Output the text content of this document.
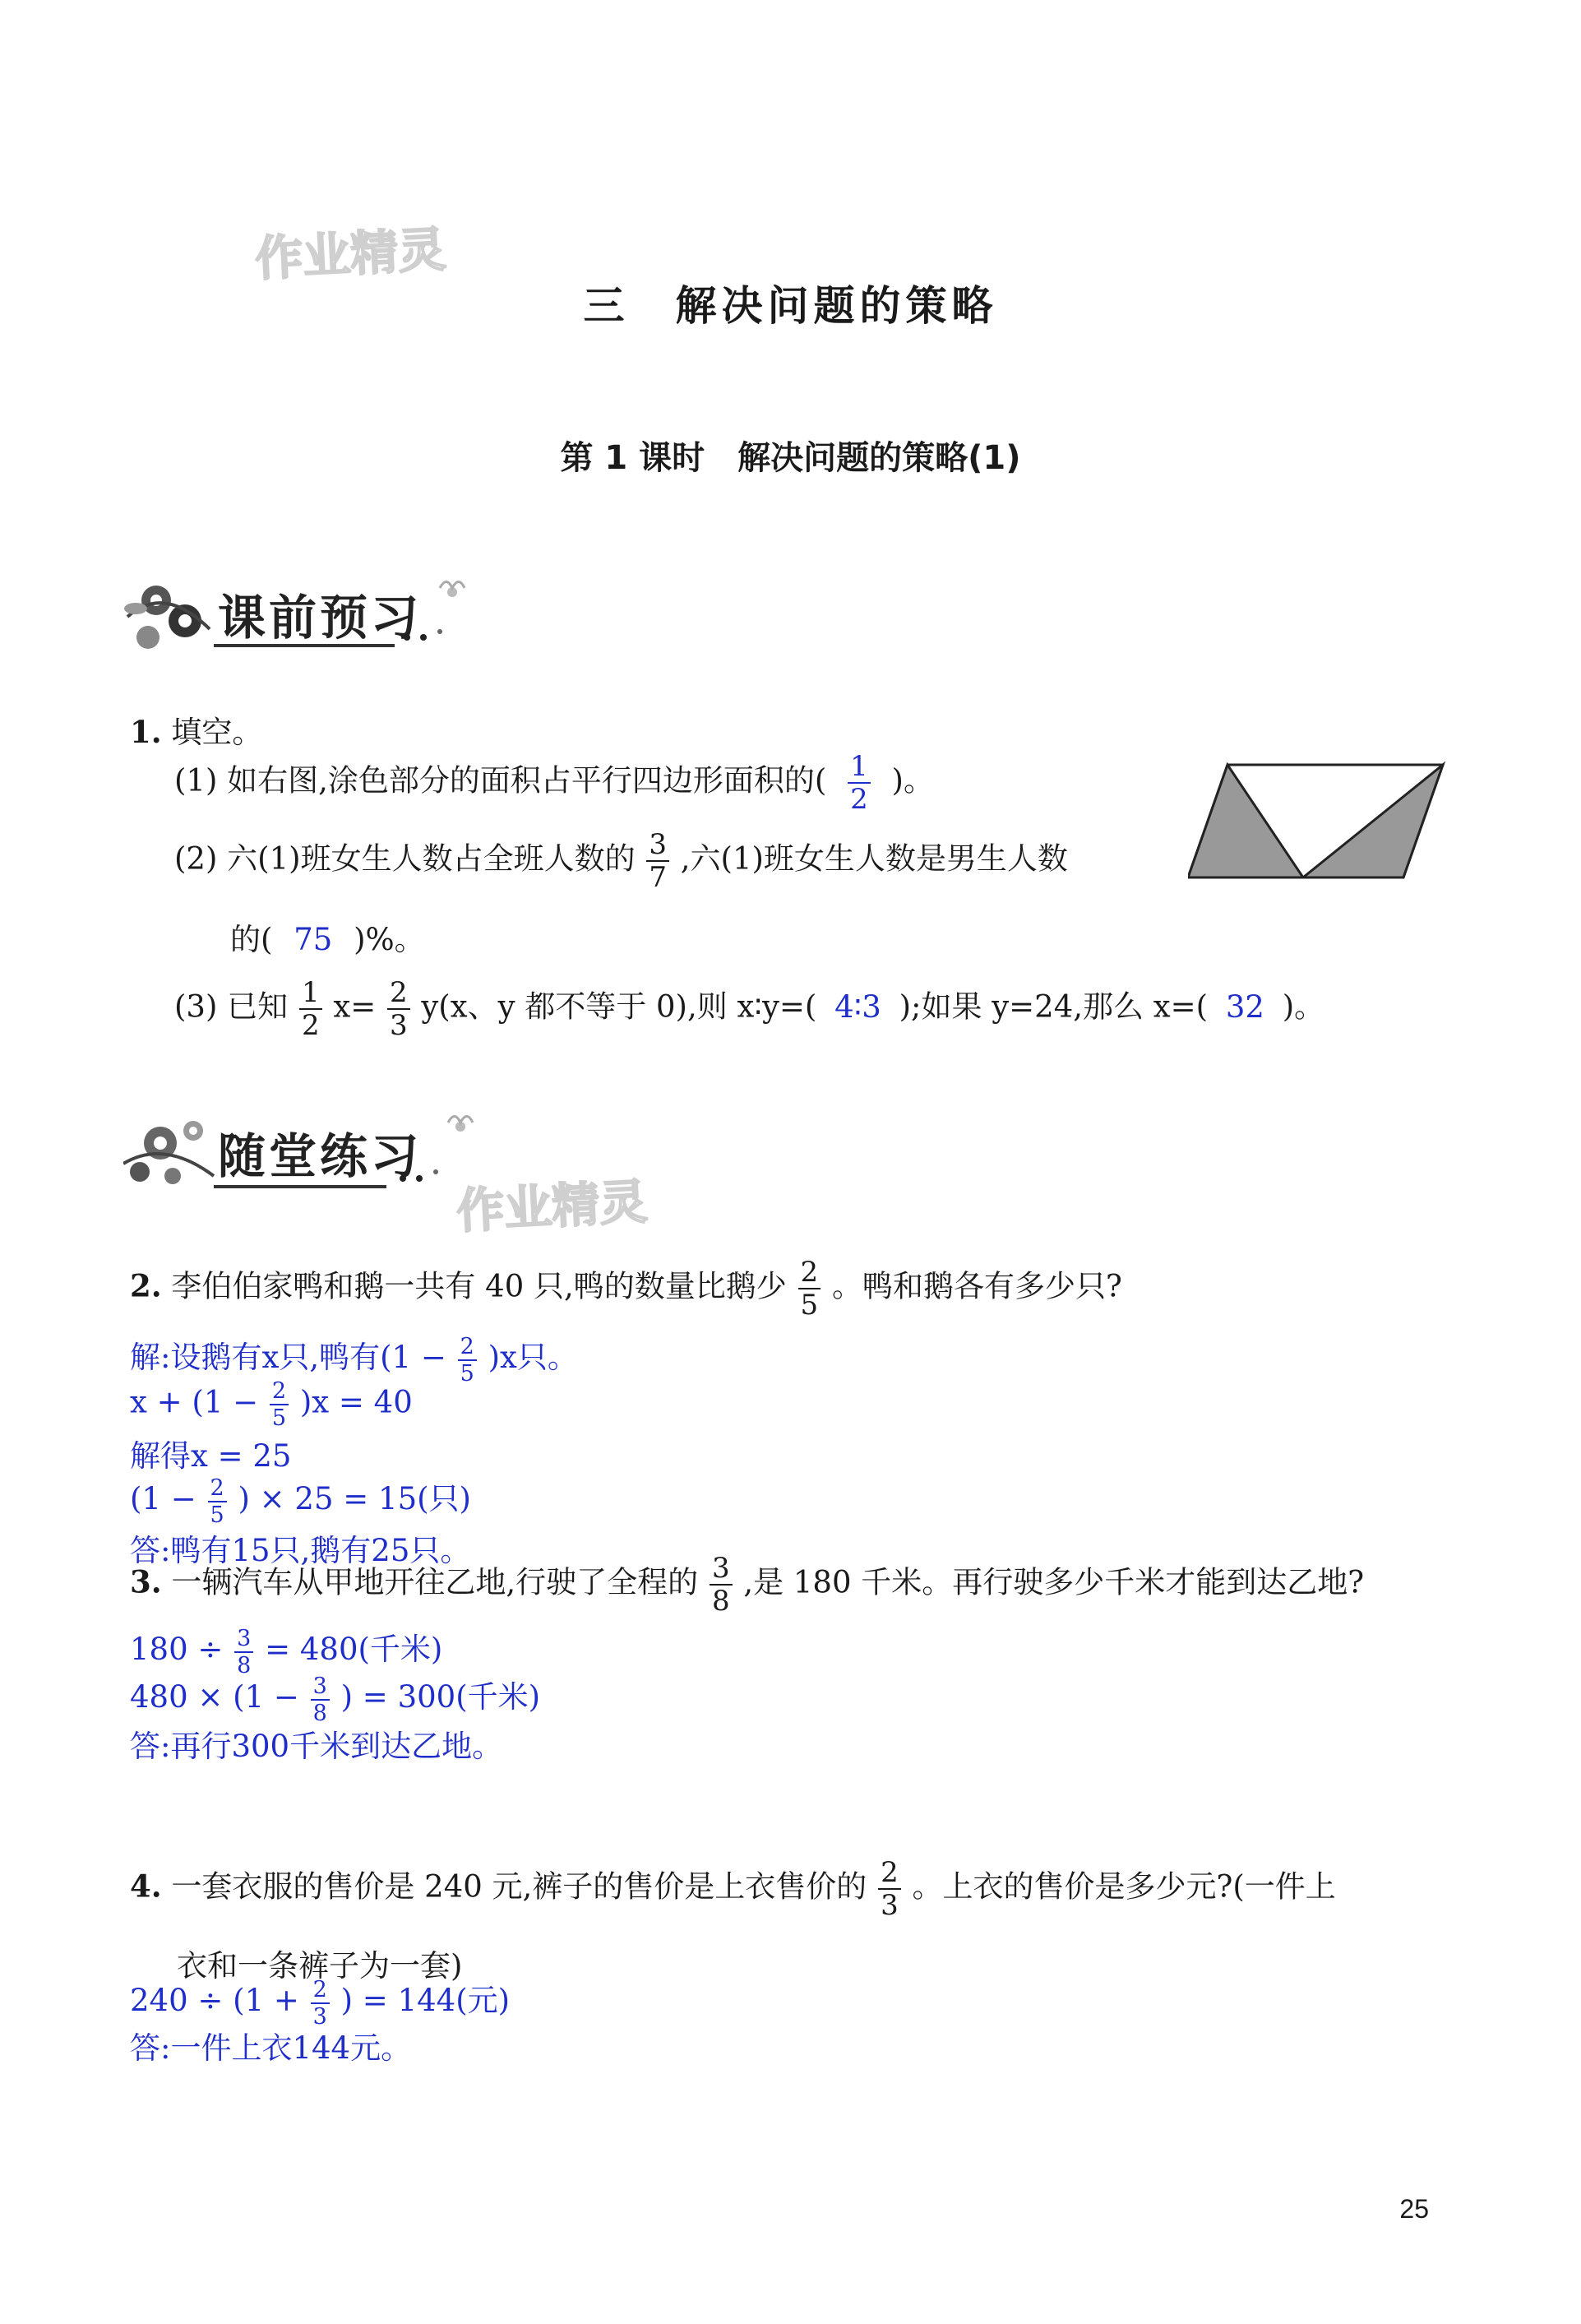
作业精灵
作业精灵
三　解决问题的策略
第 1 课时　解决问题的策略(1)
课前预习
1. 填空。
(1) 如右图,涂色部分的面积占平行四边形面积的( $\frac{1}{2}$ )。
(2) 六(1)班女生人数占全班人数的 $\frac{3}{7}$ ,六(1)班女生人数是男生人数
的( 75 )%。
(3) 已知 $\frac{1}{2} x= \frac{2}{3} y(x$、y 都不等于 0),则 x∶y=( 4∶3 );如果 y=24,那么 x=( 32 )。
随堂练习
2. 李伯伯家鸭和鹅一共有 40 只,鸭的数量比鹅少 $\frac{2}{5}$ 。鸭和鹅各有多少只?
解:设鹅有x只,鸭有$(1 - \frac{2}{5} )x$只。
$x + (1 - \frac{2}{5} )x = 40$
解得x = 25
($1 - \frac{2}{5}$ ) × 25 = 15(只)
答:鸭有15只,鹅有25只。
3. 一辆汽车从甲地开往乙地,行驶了全程的 $\frac{3}{8}$ ,是 180 千米。再行驶多少千米才能到达乙地?
$180 \div \frac{3}{8} = 480$(千米)
$480 \times (1 - \frac{3}{8}$ ) = 300(千米)
答:再行300千米到达乙地。
4. 一套衣服的售价是 240 元,裤子的售价是上衣售价的 $\frac{2}{3}$ 。上衣的售价是多少元?(一件上
衣和一条裤子为一套)
$240 \div (1 + \frac{2}{3}$ ) = 144(元)
答:一件上衣144元。
25
